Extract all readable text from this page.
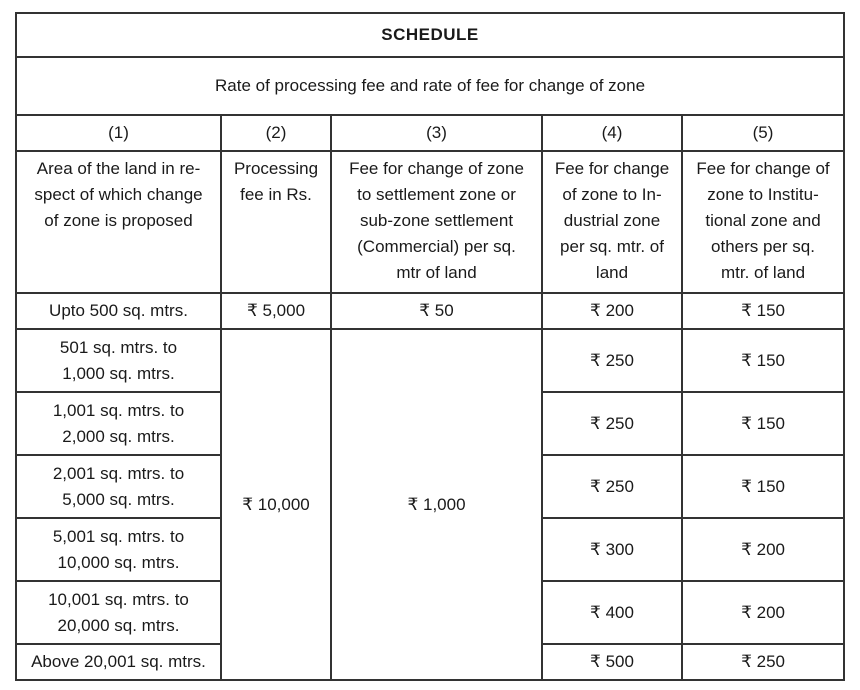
SCHEDULE				
Rate of processing fee and rate of fee for change of zone				
(1)	(2)	(3)	(4)	(5)

Area of the land in re-
spect of which change
of zone is proposed	Processing
fee in Rs.	Fee for change of zone
to settlement zone or
sub-zone settlement
(Commercial) per sq.
mtr of land	Fee for change
of zone to In-
dustrial zone
per sq. mtr. of
land	Fee for change of
zone to Institu-
tional zone and
others per sq.
mtr. of land

Upto 500 sq. mtrs.	₹ 5,000	₹ 50	₹ 200	₹ 150

501 sq. mtrs. to
1,000 sq. mtrs.	₹ 10,000	₹ 1,000	₹ 250	₹ 150

1,001 sq. mtrs. to
2,000 sq. mtrs.			₹ 250	₹ 150

2,001 sq. mtrs. to
5,000 sq. mtrs.			₹ 250	₹ 150

5,001 sq. mtrs. to
10,000 sq. mtrs.			₹ 300	₹ 200

10,001 sq. mtrs. to
20,000 sq. mtrs.			₹ 400	₹ 200
Above 20,001 sq. mtrs.			₹ 500	₹ 250
